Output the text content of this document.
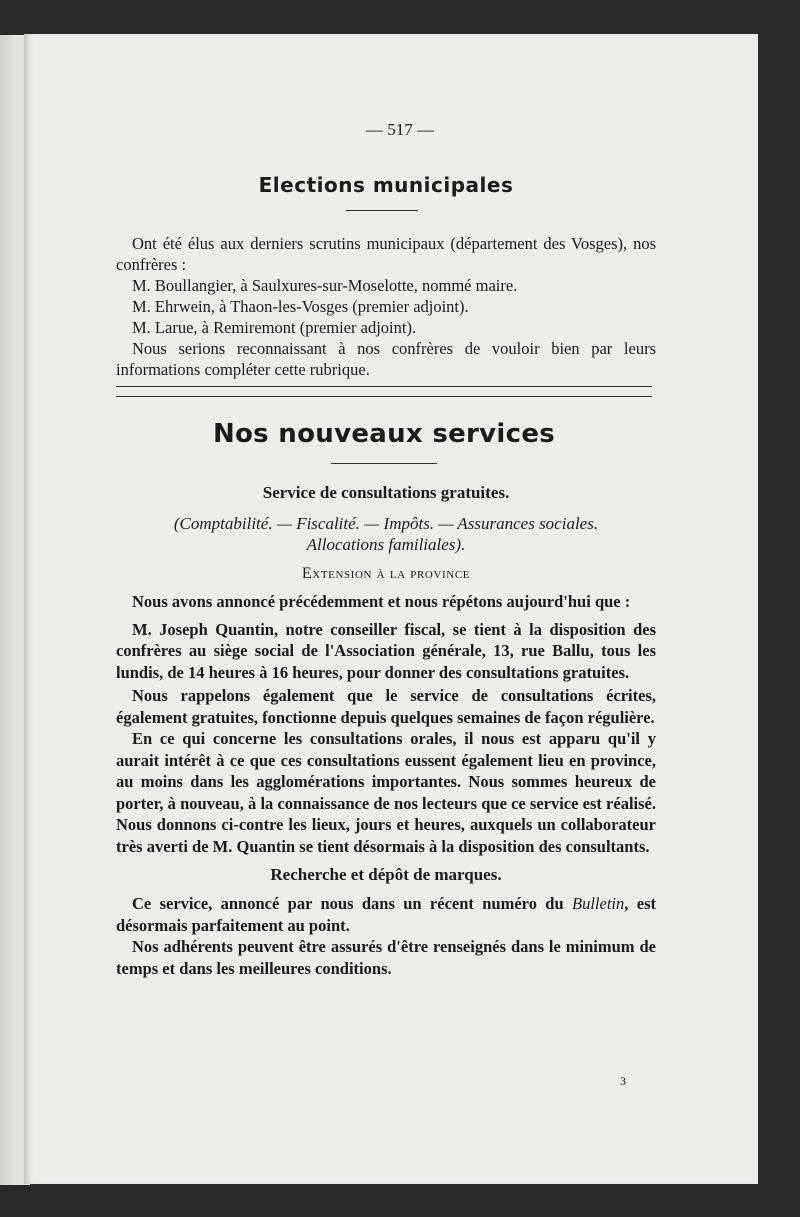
— 517 —
Elections municipales

Ont été élus aux derniers scrutins municipaux (département des Vosges), nos confrères :

M. Boullangier, à Saulxures-sur-Moselotte, nommé maire.

M. Ehrwein, à Thaon-les-Vosges (premier adjoint).

M. Larue, à Remiremont (premier adjoint).

Nous serions reconnaissant à nos confrères de vouloir bien par leurs informations compléter cette rubrique.

Nos nouveaux services

Service de consultations gratuites.

(Comptabilité. — Fiscalité. — Impôts. — Assurances sociales.

Allocations familiales).

Extension à la province

Nous avons annoncé précédemment et nous répétons aujourd'hui que :

M. Joseph Quantin, notre conseiller fiscal, se tient à la disposition des confrères au siège social de l'Association générale, 13, rue Ballu, tous les lundis, de 14 heures à 16 heures, pour donner des consultations gratuites.

Nous rappelons également que le service de consultations écrites, également gratuites, fonctionne depuis quelques semaines de façon régulière.

En ce qui concerne les consultations orales, il nous est apparu qu'il y aurait intérêt à ce que ces consultations eussent également lieu en province, au moins dans les agglomérations importantes. Nous sommes heureux de porter, à nouveau, à la connaissance de nos lecteurs que ce service est réalisé. Nous donnons ci-contre les lieux, jours et heures, auxquels un collaborateur très averti de M. Quantin se tient désormais à la disposition des consultants.

Recherche et dépôt de marques.

Ce service, annoncé par nous dans un récent numéro du Bulletin, est désormais parfaitement au point.

Nos adhérents peuvent être assurés d'être renseignés dans le minimum de temps et dans les meilleures conditions.

3
